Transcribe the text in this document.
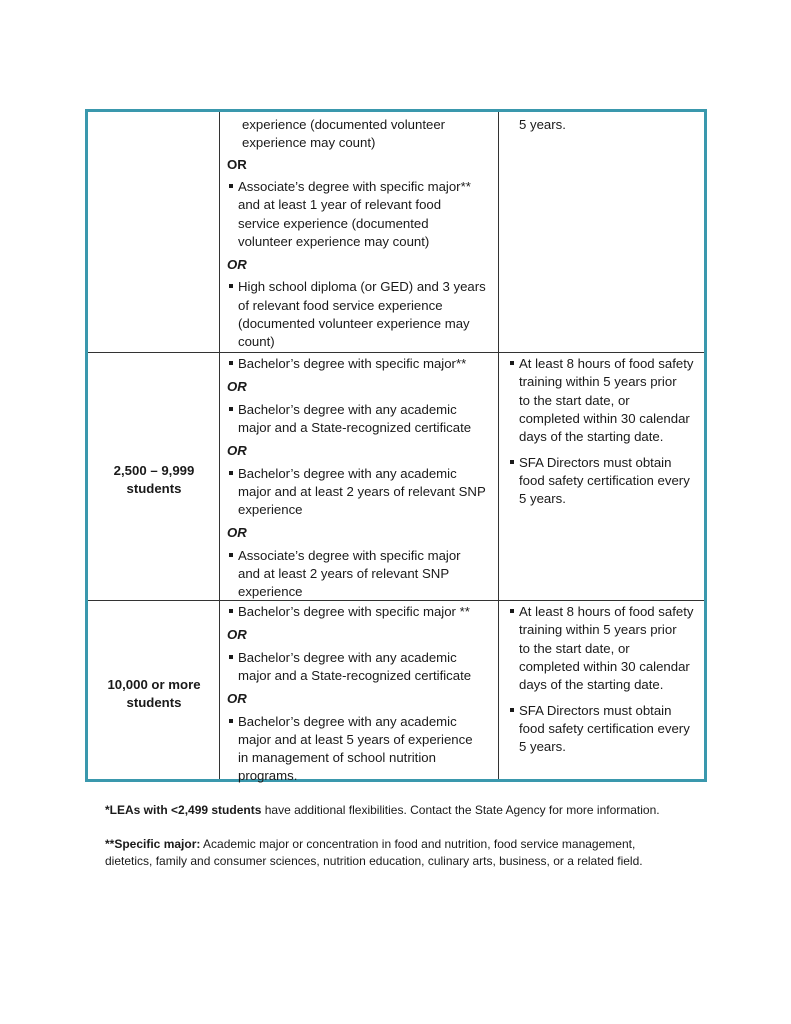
experience (documented volunteer
experience may count)
OR
Associate’s degree with specific major**
and at least 1 year of relevant food
service experience (documented
volunteer experience may count)
OR
High school diploma (or GED) and 3 years
of relevant food service experience
(documented volunteer experience may
count)
5 years.
2,500 – 9,999
students
Bachelor’s degree with specific major**
OR
Bachelor’s degree with any academic
major and a State-recognized certificate
OR
Bachelor’s degree with any academic
major and at least 2 years of relevant SNP
experience
OR
Associate’s degree with specific major
and at least 2 years of relevant SNP
experience
At least 8 hours of food safety
training within 5 years prior
to the start date, or
completed within 30 calendar
days of the starting date.
SFA Directors must obtain
food safety certification every
5 years.
10,000 or more
students
Bachelor’s degree with specific major **
OR
Bachelor’s degree with any academic
major and a State-recognized certificate
OR
Bachelor’s degree with any academic
major and at least 5 years of experience
in management of school nutrition
programs.
At least 8 hours of food safety
training within 5 years prior
to the start date, or
completed within 30 calendar
days of the starting date.
SFA Directors must obtain
food safety certification every
5 years.
*LEAs with <2,499 students have additional flexibilities. Contact the State Agency for more information.
**Specific major: Academic major or concentration in food and nutrition, food service management,
dietetics, family and consumer sciences, nutrition education, culinary arts, business, or a related field.
